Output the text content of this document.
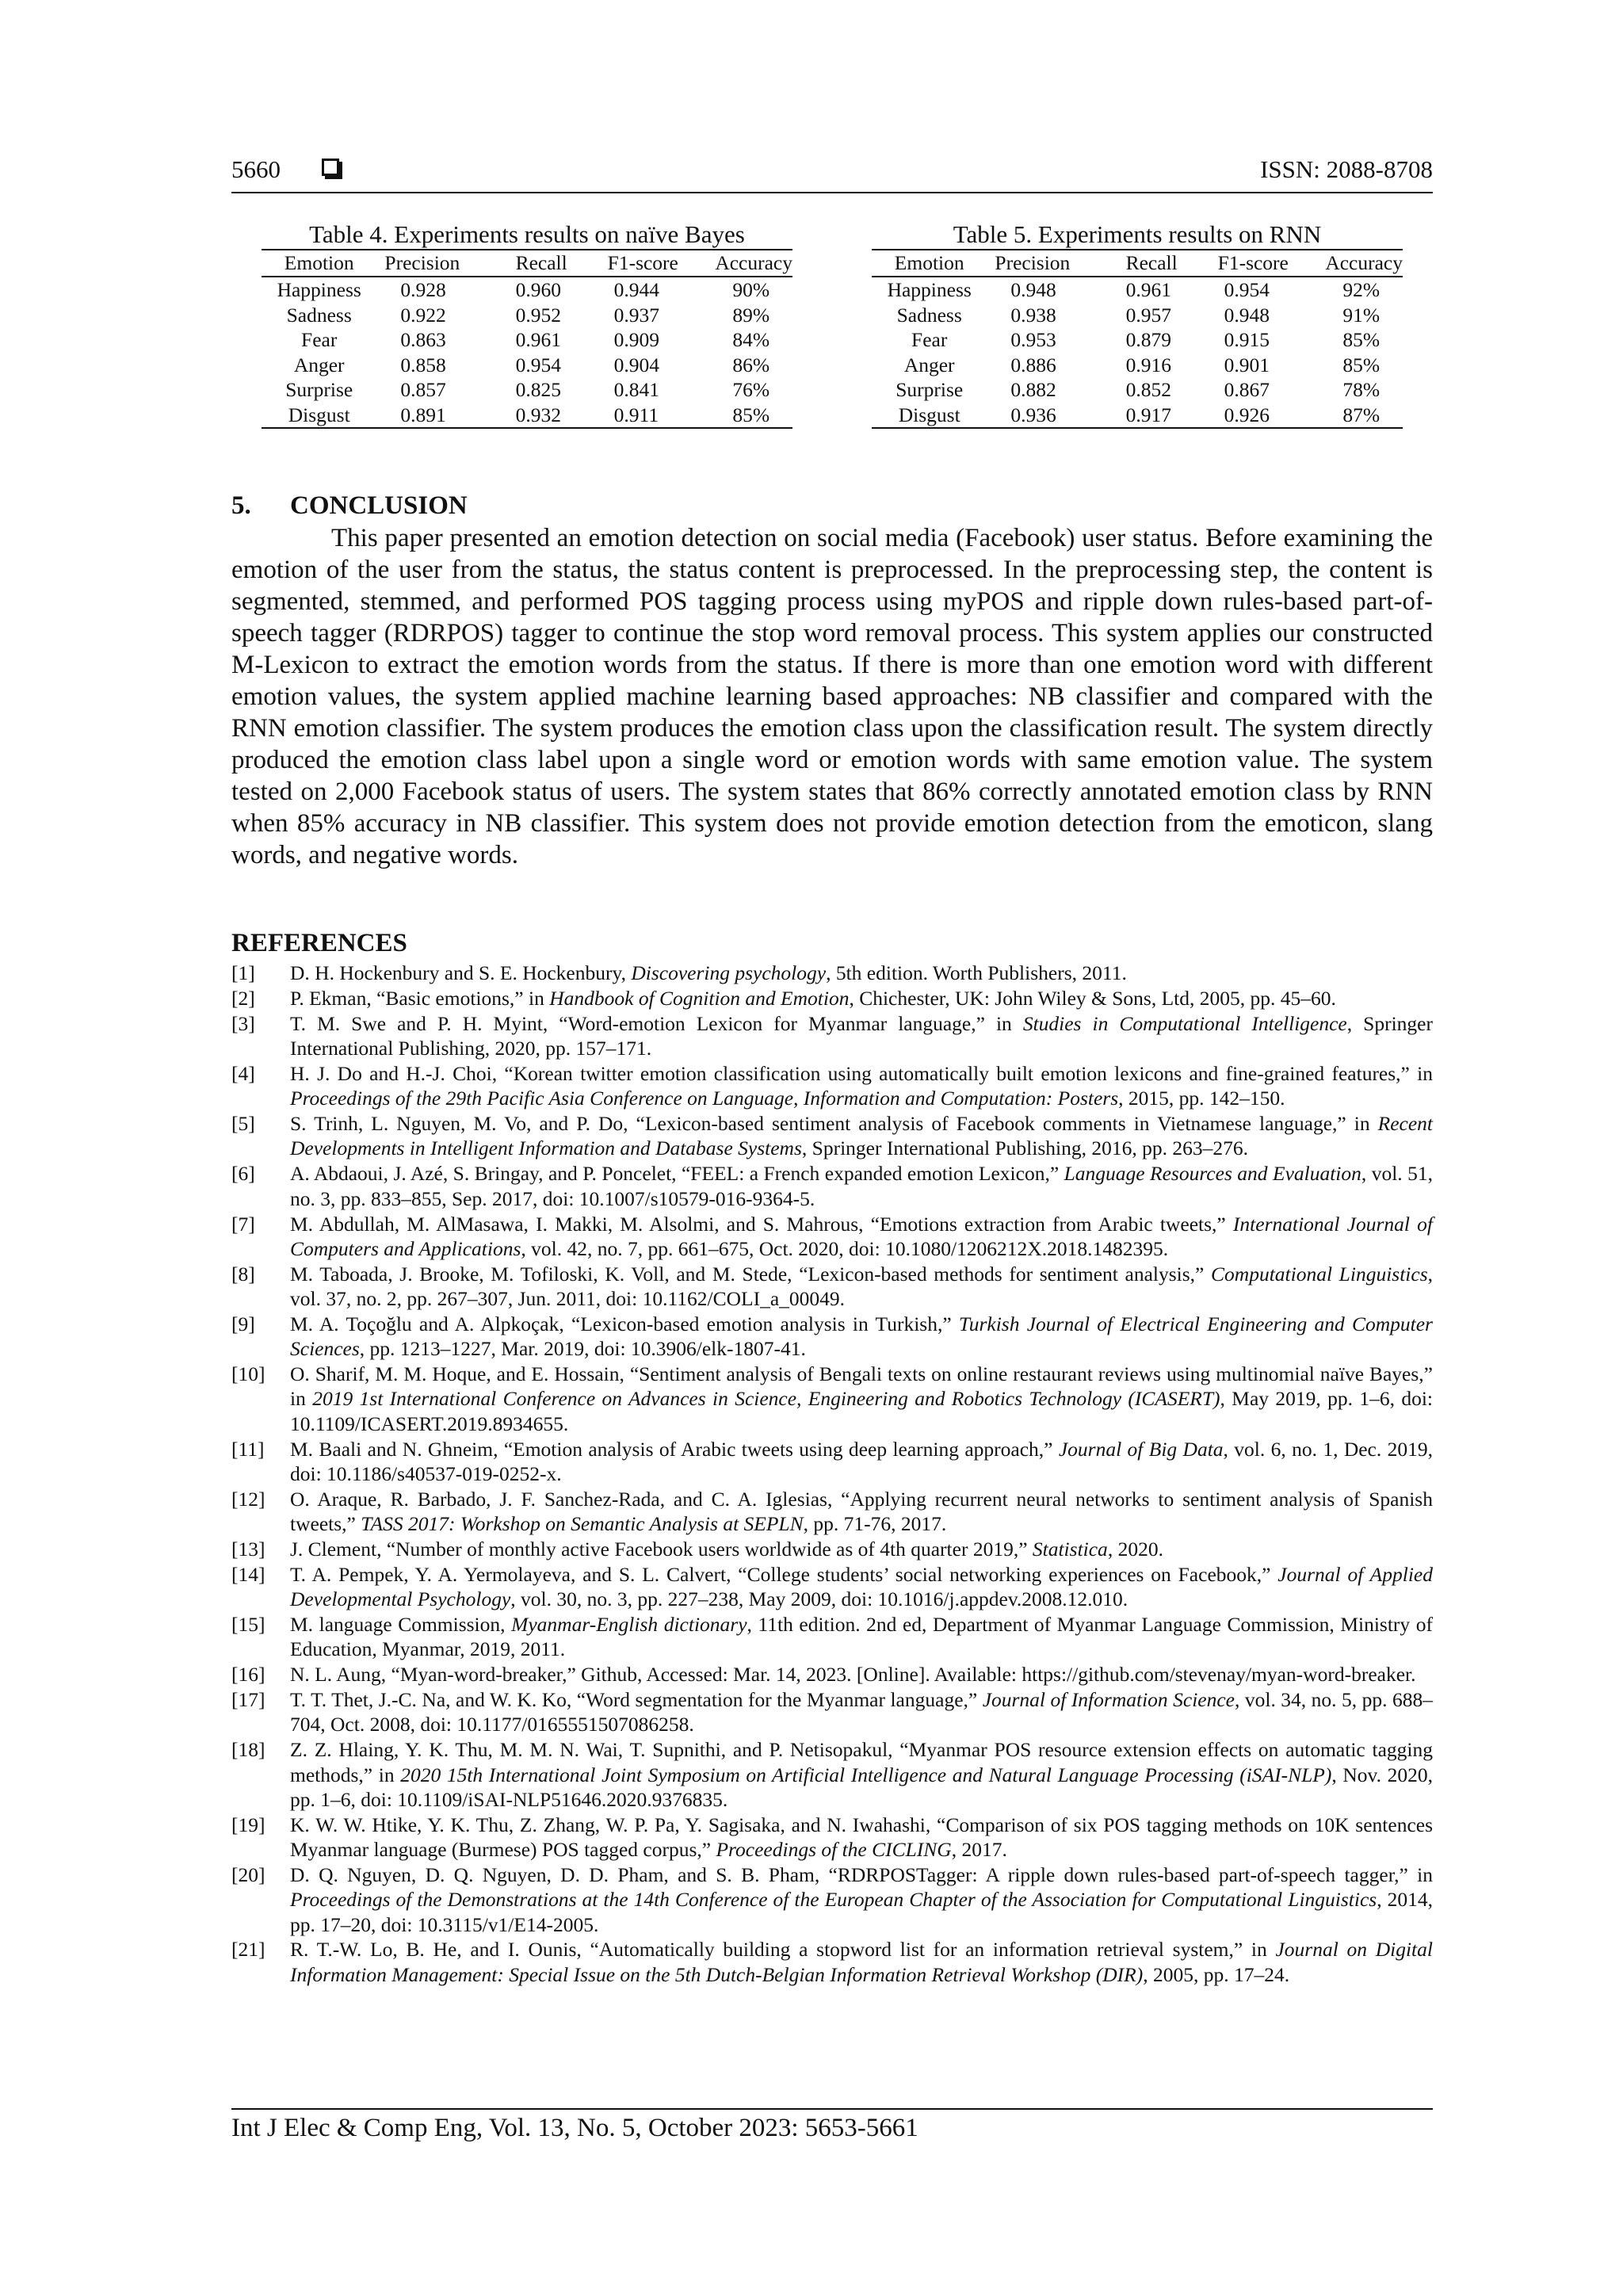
5660	ISSN: 2088-8708
Table 4. Experiments results on naïve Bayes
Emotion	Precision	Recall	F1-score	Accuracy
Happiness	0.928	0.960	0.944	90%
Sadness	0.922	0.952	0.937	89%
Fear	0.863	0.961	0.909	84%
Anger	0.858	0.954	0.904	86%
Surprise	0.857	0.825	0.841	76%
Disgust	0.891	0.932	0.911	85%
Table 5. Experiments results on RNN
Emotion	Precision	Recall	F1-score	Accuracy
Happiness	0.948	0.961	0.954	92%
Sadness	0.938	0.957	0.948	91%
Fear	0.953	0.879	0.915	85%
Anger	0.886	0.916	0.901	85%
Surprise	0.882	0.852	0.867	78%
Disgust	0.936	0.917	0.926	87%
5. CONCLUSION

This paper presented an emotion detection on social media (Facebook) user status. Before examining the emotion of the user from the status, the status content is preprocessed. In the preprocessing step, the content is segmented, stemmed, and performed POS tagging process using myPOS and ripple down rules-based part-of-speech tagger (RDRPOS) tagger to continue the stop word removal process. This system applies our constructed M-Lexicon to extract the emotion words from the status. If there is more than one emotion word with different emotion values, the system applied machine learning based approaches: NB classifier and compared with the RNN emotion classifier. The system produces the emotion class upon the classification result. The system directly produced the emotion class label upon a single word or emotion words with same emotion value. The system tested on 2,000 Facebook status of users. The system states that 86% correctly annotated emotion class by RNN when 85% accuracy in NB classifier. This system does not provide emotion detection from the emoticon, slang words, and negative words.

REFERENCES
[1] D. H. Hockenbury and S. E. Hockenbury, Discovering psychology, 5th edition. Worth Publishers, 2011.
[2] P. Ekman, “Basic emotions,” in Handbook of Cognition and Emotion, Chichester, UK: John Wiley & Sons, Ltd, 2005, pp. 45–60.
[3] T. M. Swe and P. H. Myint, “Word-emotion Lexicon for Myanmar language,” in Studies in Computational Intelligence, Springer International Publishing, 2020, pp. 157–171.
[4] H. J. Do and H.-J. Choi, “Korean twitter emotion classification using automatically built emotion lexicons and fine-grained features,” in Proceedings of the 29th Pacific Asia Conference on Language, Information and Computation: Posters, 2015, pp. 142–150.
[5] S. Trinh, L. Nguyen, M. Vo, and P. Do, “Lexicon-based sentiment analysis of Facebook comments in Vietnamese language,” in Recent Developments in Intelligent Information and Database Systems, Springer International Publishing, 2016, pp. 263–276.
[6] A. Abdaoui, J. Azé, S. Bringay, and P. Poncelet, “FEEL: a French expanded emotion Lexicon,” Language Resources and Evaluation, vol. 51, no. 3, pp. 833–855, Sep. 2017, doi: 10.1007/s10579-016-9364-5.
[7] M. Abdullah, M. AlMasawa, I. Makki, M. Alsolmi, and S. Mahrous, “Emotions extraction from Arabic tweets,” International Journal of Computers and Applications, vol. 42, no. 7, pp. 661–675, Oct. 2020, doi: 10.1080/1206212X.2018.1482395.
[8] M. Taboada, J. Brooke, M. Tofiloski, K. Voll, and M. Stede, “Lexicon-based methods for sentiment analysis,” Computational Linguistics, vol. 37, no. 2, pp. 267–307, Jun. 2011, doi: 10.1162/COLI_a_00049.
[9] M. A. Toçoğlu and A. Alpkoçak, “Lexicon-based emotion analysis in Turkish,” Turkish Journal of Electrical Engineering and Computer Sciences, pp. 1213–1227, Mar. 2019, doi: 10.3906/elk-1807-41.
[10] O. Sharif, M. M. Hoque, and E. Hossain, “Sentiment analysis of Bengali texts on online restaurant reviews using multinomial naïve Bayes,” in 2019 1st International Conference on Advances in Science, Engineering and Robotics Technology (ICASERT), May 2019, pp. 1–6, doi: 10.1109/ICASERT.2019.8934655.
[11] M. Baali and N. Ghneim, “Emotion analysis of Arabic tweets using deep learning approach,” Journal of Big Data, vol. 6, no. 1, Dec. 2019, doi: 10.1186/s40537-019-0252-x.
[12] O. Araque, R. Barbado, J. F. Sanchez-Rada, and C. A. Iglesias, “Applying recurrent neural networks to sentiment analysis of Spanish tweets,” TASS 2017: Workshop on Semantic Analysis at SEPLN, pp. 71-76, 2017.
[13] J. Clement, “Number of monthly active Facebook users worldwide as of 4th quarter 2019,” Statistica, 2020.
[14] T. A. Pempek, Y. A. Yermolayeva, and S. L. Calvert, “College students’ social networking experiences on Facebook,” Journal of Applied Developmental Psychology, vol. 30, no. 3, pp. 227–238, May 2009, doi: 10.1016/j.appdev.2008.12.010.
[15] M. language Commission, Myanmar-English dictionary, 11th edition. 2nd ed, Department of Myanmar Language Commission, Ministry of Education, Myanmar, 2019, 2011.
[16] N. L. Aung, “Myan-word-breaker,” Github, Accessed: Mar. 14, 2023. [Online]. Available: https://github.com/stevenay/myan-word-breaker.
[17] T. T. Thet, J.-C. Na, and W. K. Ko, “Word segmentation for the Myanmar language,” Journal of Information Science, vol. 34, no. 5, pp. 688–704, Oct. 2008, doi: 10.1177/0165551507086258.
[18] Z. Z. Hlaing, Y. K. Thu, M. M. N. Wai, T. Supnithi, and P. Netisopakul, “Myanmar POS resource extension effects on automatic tagging methods,” in 2020 15th International Joint Symposium on Artificial Intelligence and Natural Language Processing (iSAI-NLP), Nov. 2020, pp. 1–6, doi: 10.1109/iSAI-NLP51646.2020.9376835.
[19] K. W. W. Htike, Y. K. Thu, Z. Zhang, W. P. Pa, Y. Sagisaka, and N. Iwahashi, “Comparison of six POS tagging methods on 10K sentences Myanmar language (Burmese) POS tagged corpus,” Proceedings of the CICLING, 2017.
[20] D. Q. Nguyen, D. Q. Nguyen, D. D. Pham, and S. B. Pham, “RDRPOSTagger: A ripple down rules-based part-of-speech tagger,” in Proceedings of the Demonstrations at the 14th Conference of the European Chapter of the Association for Computational Linguistics, 2014, pp. 17–20, doi: 10.3115/v1/E14-2005.
[21] R. T.-W. Lo, B. He, and I. Ounis, “Automatically building a stopword list for an information retrieval system,” in Journal on Digital Information Management: Special Issue on the 5th Dutch-Belgian Information Retrieval Workshop (DIR), 2005, pp. 17–24.
Int J Elec & Comp Eng, Vol. 13, No. 5, October 2023: 5653-5661
